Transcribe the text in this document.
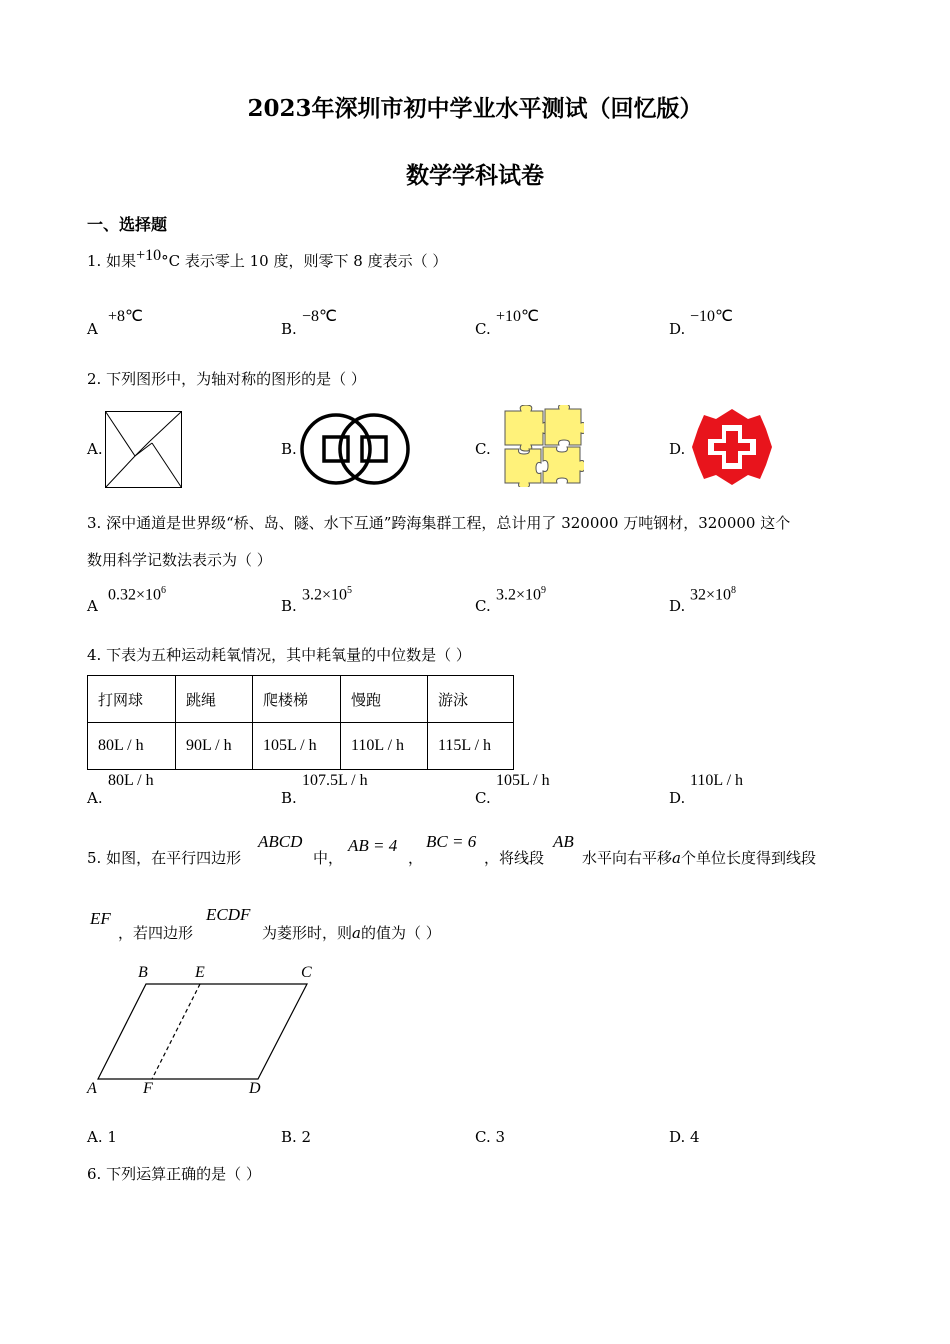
2023年深圳市初中学业水平测试（回忆版）
数学学科试卷
一、选择题
1. 如果+10°C 表示零上 10 度，则零下 8 度表示（ ）
A
+8℃
B.
−8℃
C.
+10℃
D.
−10℃
2. 下列图形中，为轴对称的图形的是（ ）
A.	B.	C.	D.
3. 深中通道是世界级“桥、岛、隧、水下互通”跨海集群工程，总计用了 320000 万吨钢材，320000 这个
数用科学记数法表示为（ ）
A
$0.32\times 10^6$
B.
$3.2\times 10^5$
C.
$3.2\times 10^9$
D.
$32\times 10^8$
4. 下表为五种运动耗氧情况，其中耗氧量的中位数是（ ）
打网球	跳绳	爬楼梯	慢跑	游泳
80L / h	90L / h	105L / h	110L / h	115L / h
A.
80L / h
B.
107.5L / h
C.
105L / h
D.
110L / h
5. 如图，在平行四边形
ABCD
中，
AB = 4
，
BC = 6
，将线段
AB
水平向右平移a个单位长度得到线段
EF
，若四边形
ECDF
为菱形时，则a的值为（ ）
B	E	C
A	F	D
A. 1	B. 2	C. 3	D. 4
6. 下列运算正确的是（ ）
